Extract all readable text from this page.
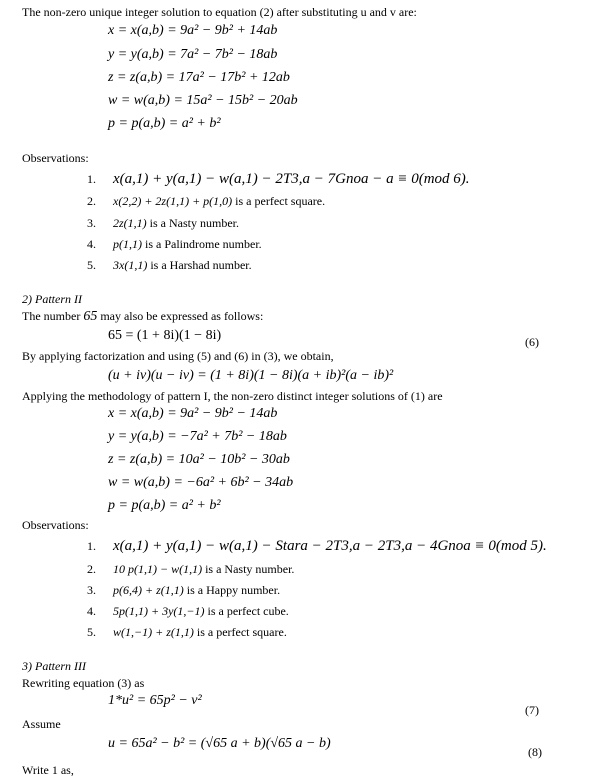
The non-zero unique integer solution to equation (2) after substituting u and v are:
x = x(a,b) = 9a² − 9b² + 14ab
y = y(a,b) = 7a² − 7b² − 18ab
z = z(a,b) = 17a² − 17b² + 12ab
w = w(a,b) = 15a² − 15b² − 20ab
p = p(a,b) = a² + b²
Observations:
1. x(a,1) + y(a,1) − w(a,1) − 2T3,a − 7Gnoa − a ≡ 0(mod 6).
2. x(2,2) + 2z(1,1) + p(1,0) is a perfect square.
3. 2z(1,1) is a Nasty number.
4. p(1,1) is a Palindrome number.
5. 3x(1,1) is a Harshad number.
2) Pattern II
The number 65 may also be expressed as follows:
65 = (1 + 8i)(1 − 8i)	(6)
By applying factorization and using (5) and (6) in (3), we obtain,
(u + iv)(u − iv) = (1 + 8i)(1 − 8i)(a + ib)²(a − ib)²
Applying the methodology of pattern I, the non-zero distinct integer solutions of (1) are
x = x(a,b) = 9a² − 9b² − 14ab
y = y(a,b) = −7a² + 7b² − 18ab
z = z(a,b) = 10a² − 10b² − 30ab
w = w(a,b) = −6a² + 6b² − 34ab
p = p(a,b) = a² + b²
Observations:
1. x(a,1) + y(a,1) − w(a,1) − Stara − 2T3,a − 2T3,a − 4Gnoa ≡ 0(mod 5).
2. 10 p(1,1) − w(1,1) is a Nasty number.
3. p(6,4) + z(1,1) is a Happy number.
4. 5p(1,1) + 3y(1,−1) is a perfect cube.
5. w(1,−1) + z(1,1) is a perfect square.
3) Pattern III
Rewriting equation (3) as
1*u² = 65p² − v²
(7)
Assume
u = 65a² − b² = (√65 a + b)(√65 a − b)
(8)
Write 1 as,
